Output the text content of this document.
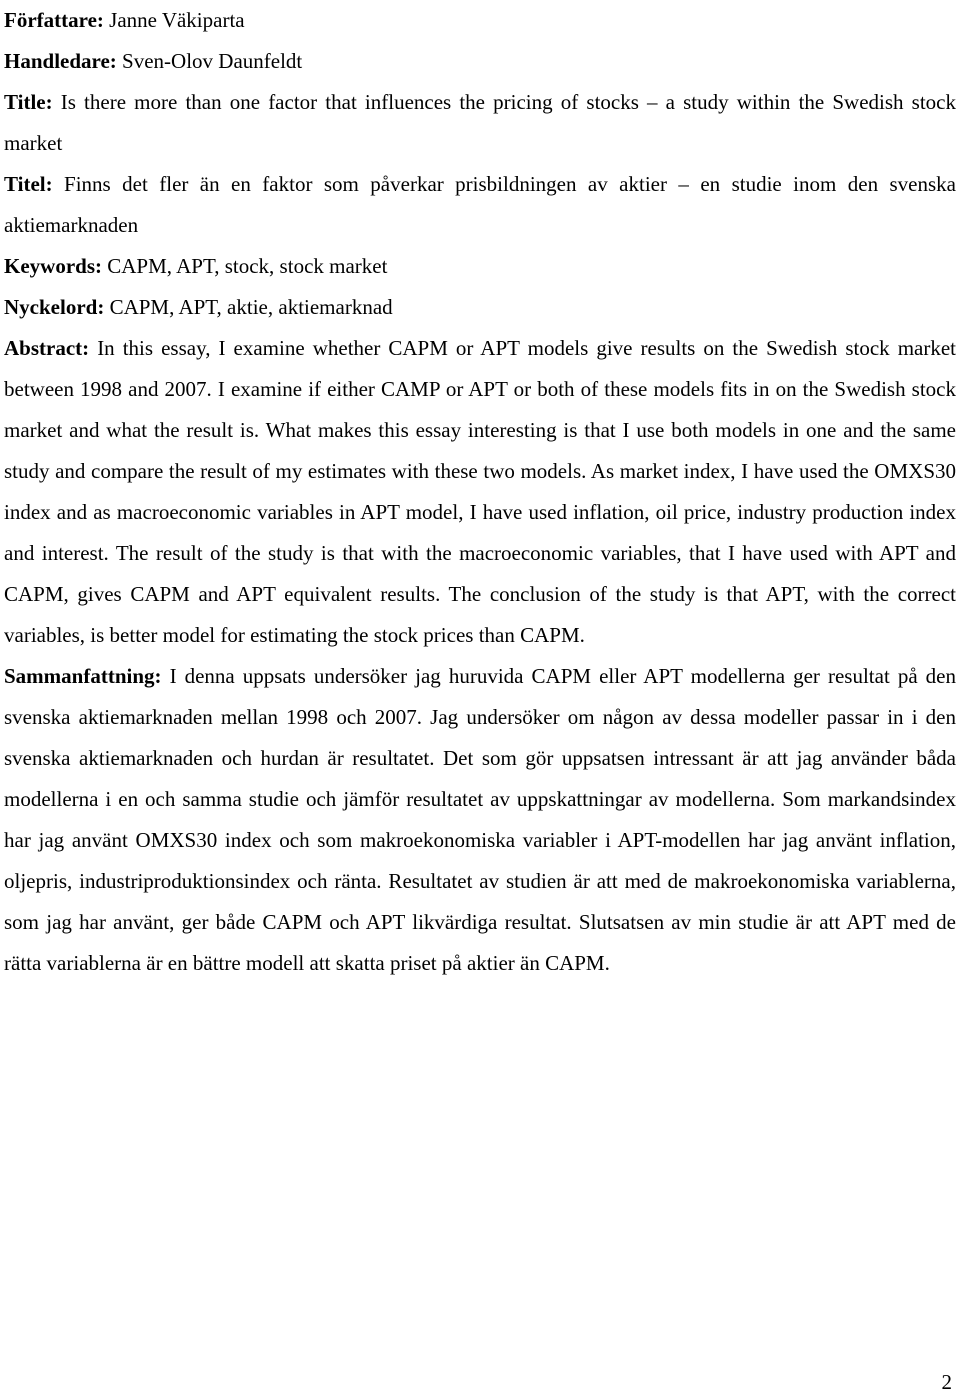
Författare: Janne Väkiparta

Handledare: Sven-Olov Daunfeldt

Title: Is there more than one factor that influences the pricing of stocks – a study within the Swedish stock market

Titel: Finns det fler än en faktor som påverkar prisbildningen av aktier – en studie inom den svenska aktiemarknaden

Keywords: CAPM, APT, stock, stock market

Nyckelord: CAPM, APT, aktie, aktiemarknad

Abstract: In this essay, I examine whether CAPM or APT models give results on the Swedish stock market between 1998 and 2007. I examine if either CAMP or APT or both of these models fits in on the Swedish stock market and what the result is. What makes this essay interesting is that I use both models in one and the same study and compare the result of my estimates with these two models. As market index, I have used the OMXS30 index and as macroeconomic variables in APT model, I have used inflation, oil price, industry production index and interest. The result of the study is that with the macroeconomic variables, that I have used with APT and CAPM, gives CAPM and APT equivalent results. The conclusion of the study is that APT, with the correct variables, is better model for estimating the stock prices than CAPM.

Sammanfattning: I denna uppsats undersöker jag huruvida CAPM eller APT modellerna ger resultat på den svenska aktiemarknaden mellan 1998 och 2007. Jag undersöker om någon av dessa modeller passar in i den svenska aktiemarknaden och hurdan är resultatet. Det som gör uppsatsen intressant är att jag använder båda modellerna i en och samma studie och jämför resultatet av uppskattningar av modellerna. Som markandsindex har jag använt OMXS30 index och som makroekonomiska variabler i APT-modellen har jag använt inflation, oljepris, industriproduktionsindex och ränta. Resultatet av studien är att med de makroekonomiska variablerna, som jag har använt, ger både CAPM och APT likvärdiga resultat. Slutsatsen av min studie är att APT med de rätta variablerna är en bättre modell att skatta priset på aktier än CAPM.

2
